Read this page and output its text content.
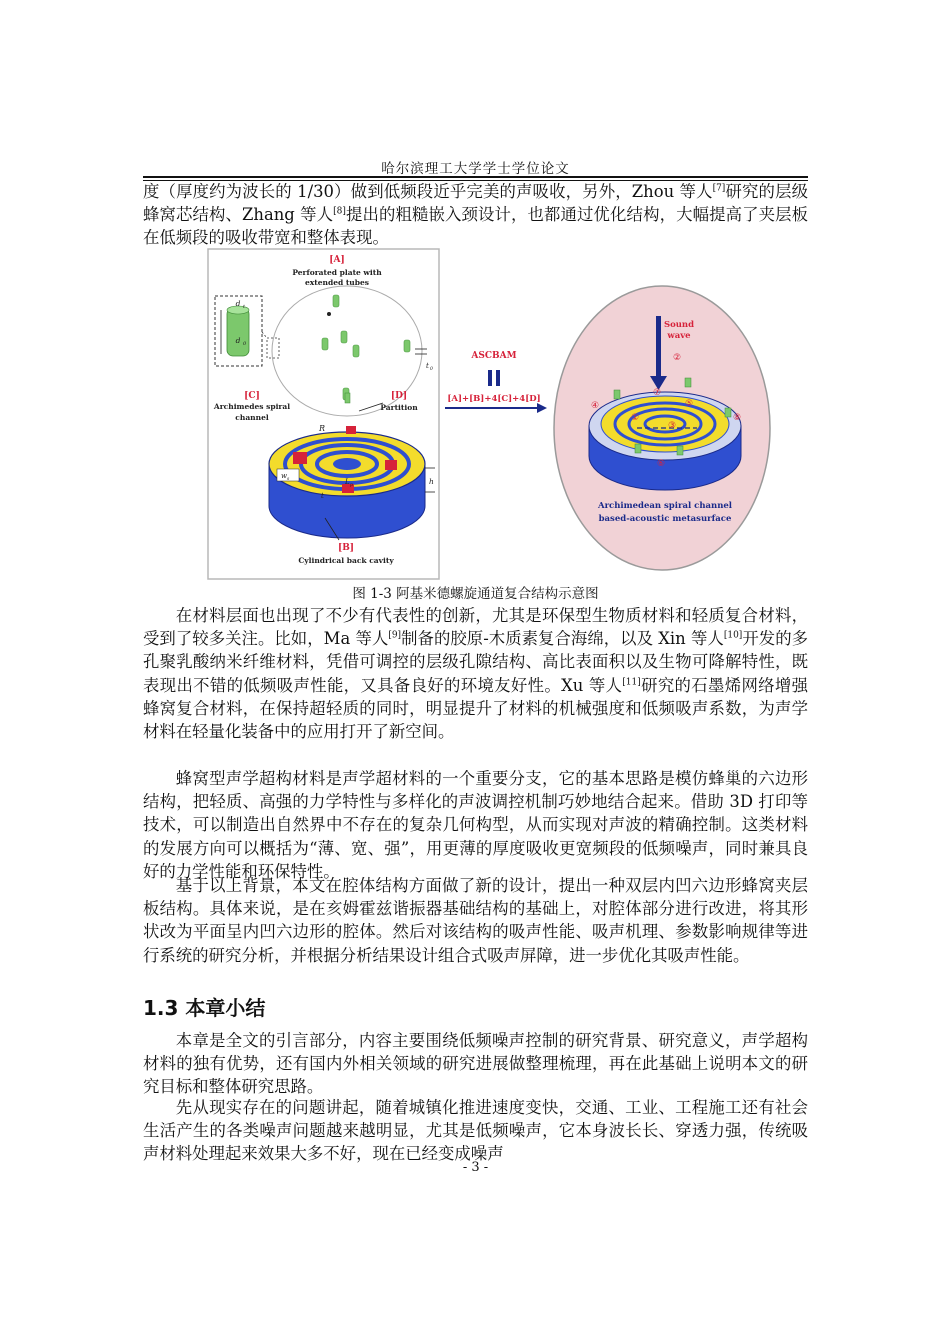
哈尔滨理工大学学士学位论文

度（厚度约为波长的 1/30）做到低频段近乎完美的声吸收，另外，Zhou 等人[7]研究的层级蜂窝芯结构、Zhang 等人[8]提出的粗糙嵌入颈设计，也都通过优化结构，大幅提高了夹层板在低频段的吸收带宽和整体表现。

[A]
Perforated plate with
extended tubes
d t
d 0
t 0
[C]
Archimedes spiral
channel
[D]
Partition
R
h
w s
t
L p
[B]
Cylindrical back cavity
ASCBAM
[A]+[B]+4[C]+4[D]
Sound
wave
②
①
③
④	⑤
⑥
⑦
⑧
Archimedean spiral channel
based-acoustic metasurface
图 1-3 阿基米德螺旋通道复合结构示意图

在材料层面也出现了不少有代表性的创新，尤其是环保型生物质材料和轻质复合材料，受到了较多关注。比如，Ma 等人[9]制备的胶原-木质素复合海绵，以及 Xin 等人[10]开发的多孔聚乳酸纳米纤维材料，凭借可调控的层级孔隙结构、高比表面积以及生物可降解特性，既表现出不错的低频吸声性能，又具备良好的环境友好性。Xu 等人[11]研究的石墨烯网络增强蜂窝复合材料，在保持超轻质的同时，明显提升了材料的机械强度和低频吸声系数，为声学材料在轻量化装备中的应用打开了新空间。

蜂窝型声学超构材料是声学超材料的一个重要分支，它的基本思路是模仿蜂巢的六边形结构，把轻质、高强的力学特性与多样化的声波调控机制巧妙地结合起来。借助 3D 打印等技术，可以制造出自然界中不存在的复杂几何构型，从而实现对声波的精确控制。这类材料的发展方向可以概括为“薄、宽、强”，用更薄的厚度吸收更宽频段的低频噪声，同时兼具良好的力学性能和环保特性。

基于以上背景，本文在腔体结构方面做了新的设计，提出一种双层内凹六边形蜂窝夹层板结构。具体来说，是在亥姆霍兹谐振器基础结构的基础上，对腔体部分进行改进，将其形状改为平面呈内凹六边形的腔体。然后对该结构的吸声性能、吸声机理、参数影响规律等进行系统的研究分析，并根据分析结果设计组合式吸声屏障，进一步优化其吸声性能。

1.3 本章小结

本章是全文的引言部分，内容主要围绕低频噪声控制的研究背景、研究意义，声学超构材料的独有优势，还有国内外相关领域的研究进展做整理梳理，再在此基础上说明本文的研究目标和整体研究思路。

先从现实存在的问题讲起，随着城镇化推进速度变快，交通、工业、工程施工还有社会生活产生的各类噪声问题越来越明显，尤其是低频噪声，它本身波长长、穿透力强，传统吸声材料处理起来效果大多不好，现在已经变成噪声

- 3 -
